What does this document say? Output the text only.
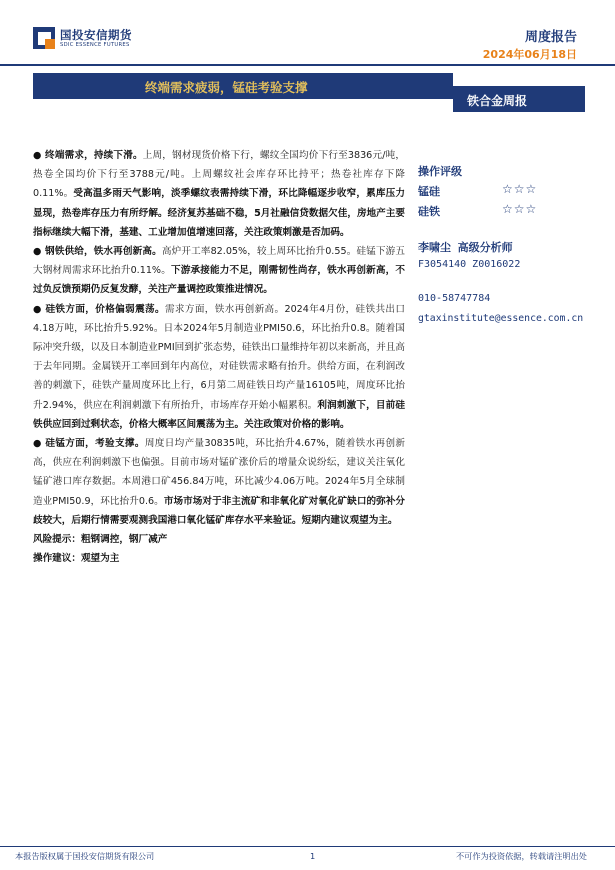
国投安信期货
SDIC ESSENCE FUTURES	周度报告
2024年06月18日
终端需求疲弱，锰硅考验支撑
铁合金周报
● 终端需求，持续下滑。上周，钢材现货价格下行，螺纹全国均价下行至3836元/吨，热卷全国均价下行至3788元/吨。上周螺纹社会库存环比持平；热卷社库存下降0.11%。受高温多雨天气影响，淡季螺纹表需持续下滑，环比降幅逐步收窄，累库压力显现，热卷库存压力有所纾解。经济复苏基础不稳，5月社融信贷数据欠佳，房地产主要指标继续大幅下滑，基建、工业增加值增速回落，关注政策刺激是否加码。
● 钢铁供给，铁水再创新高。高炉开工率82.05%，较上周环比抬升0.55。硅锰下游五大钢材周需求环比抬升0.11%。下游承接能力不足，刚需韧性尚存，铁水再创新高，不过负反馈预期仍反复发酵，关注产量调控政策推进情况。
● 硅铁方面，价格偏弱震荡。需求方面，铁水再创新高。2024年4月份，硅铁共出口4.18万吨，环比抬升5.92%。日本2024年5月制造业PMI50.6，环比抬升0.8。随着国际冲突升级，以及日本制造业PMI回到扩张态势，硅铁出口量维持年初以来新高，并且高于去年同期。金属镁开工率回到年内高位，对硅铁需求略有抬升。供给方面，在利润改善的刺激下，硅铁产量周度环比上行，6月第二周硅铁日均产量16105吨，周度环比抬升2.94%，供应在利润刺激下有所抬升，市场库存开始小幅累积。利润刺激下，目前硅铁供应回到过剩状态，价格大概率区间震荡为主。关注政策对价格的影响。
● 硅锰方面，考验支撑。周度日均产量30835吨，环比抬升4.67%，随着铁水再创新高，供应在利润刺激下也偏强。目前市场对锰矿涨价后的增量众说纷纭，建议关注氧化锰矿港口库存数据。本周港口矿456.84万吨，环比减少4.06万吨。2024年5月全球制造业PMI50.9，环比抬升0.6。市场市场对于非主流矿和非氧化矿对氧化矿缺口的弥补分歧较大，后期行情需要观测我国港口氧化锰矿库存水平来验证。短期内建议观望为主。
风险提示：粗钢调控，钢厂减产
操作建议：观望为主
操作评级
锰硅	☆☆☆
硅铁	☆☆☆
李啸尘 高级分析师
F3054140 Z0016022
010-58747784
gtaxinstitute@essence.com.cn
本报告版权属于国投安信期货有限公司	1	不可作为投资依据，转载请注明出处
